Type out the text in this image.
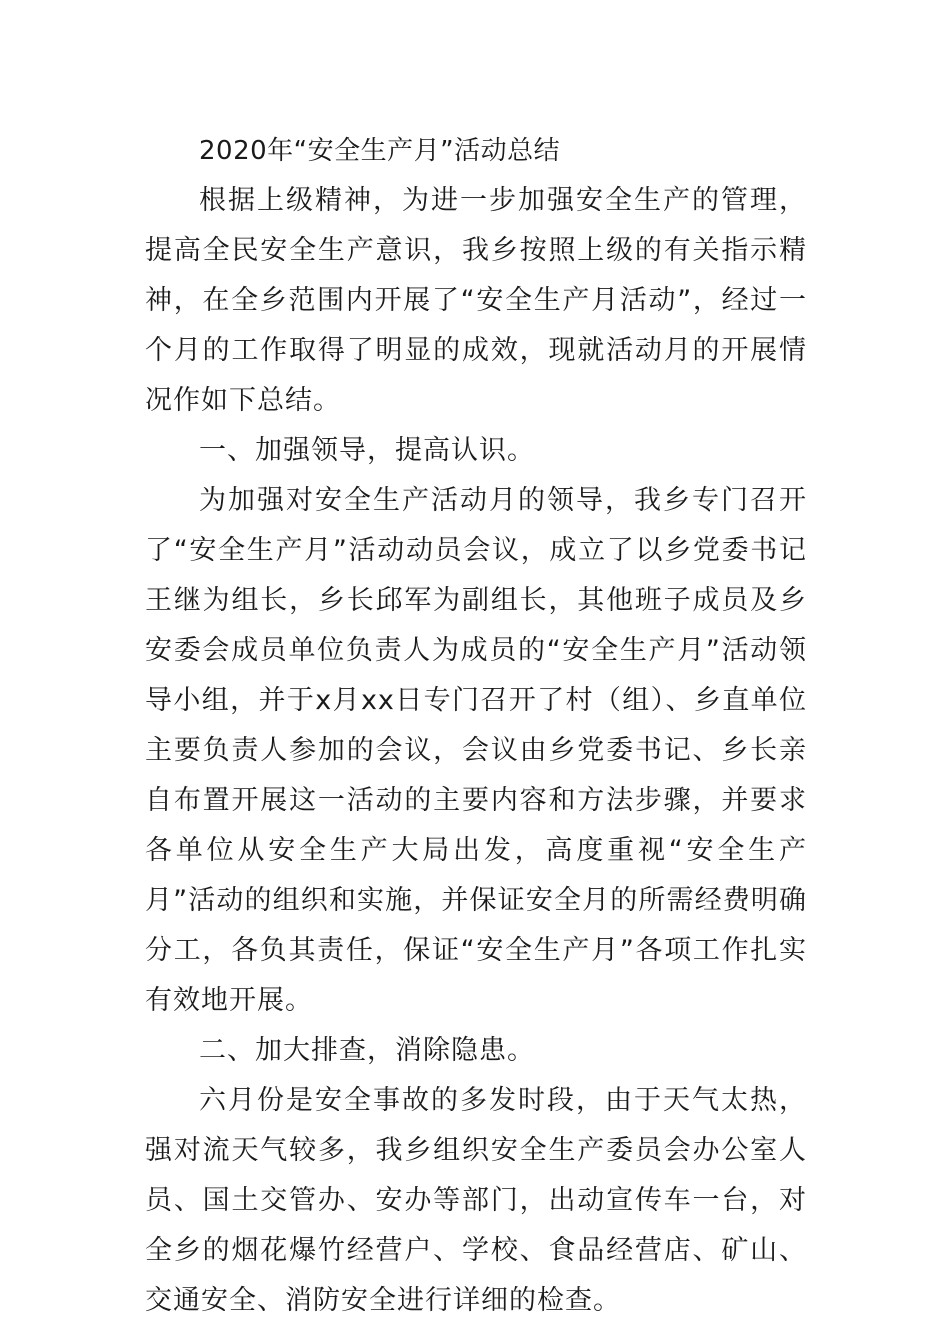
2020年“安全生产月”活动总结

根据上级精神，为进一步加强安全生产的管理，提高全民安全生产意识，我乡按照上级的有关指示精神，在全乡范围内开展了“安全生产月活动”，经过一个月的工作取得了明显的成效，现就活动月的开展情况作如下总结。

一、加强领导，提高认识。

为加强对安全生产活动月的领导，我乡专门召开了“安全生产月”活动动员会议，成立了以乡党委书记王继为组长，乡长邱军为副组长，其他班子成员及乡安委会成员单位负责人为成员的“安全生产月”活动领导小组，并于x月xx日专门召开了村（组）、乡直单位主要负责人参加的会议，会议由乡党委书记、乡长亲自布置开展这一活动的主要内容和方法步骤，并要求各单位从安全生产大局出发，高度重视“安全生产月”活动的组织和实施，并保证安全月的所需经费明确分工，各负其责任，保证“安全生产月”各项工作扎实有效地开展。

二、加大排查，消除隐患。

六月份是安全事故的多发时段，由于天气太热，强对流天气较多，我乡组织安全生产委员会办公室人员、国土交管办、安办等部门，出动宣传车一台，对全乡的烟花爆竹经营户、学校、食品经营店、矿山、交通安全、消防安全进行详细的检查。
